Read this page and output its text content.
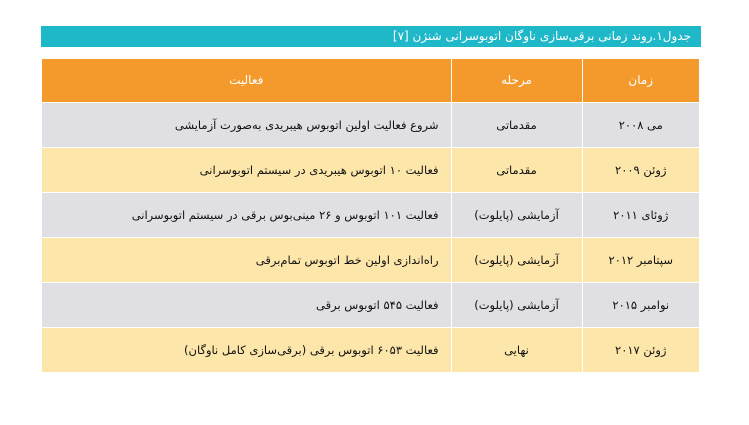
جدول۱.روند زمانی برقی‌سازی ناوگان اتوبوسرانی شنژن [۷]
زمان	مرحله	فعالیت
می ۲۰۰۸	مقدماتی	شروع فعالیت اولین اتوبوس هیبریدی به‌صورت آزمایشی
ژوئن ۲۰۰۹	مقدماتی	فعالیت ۱۰ اتوبوس هیبریدی در سیستم اتوبوسرانی
ژوئای ۲۰۱۱	آزمایشی (پایلوت)	فعالیت ۱۰۱ اتوبوس و ۲۶ مینی‌بوس برقی در سیستم اتوبوسرانی
سپتامبر ۲۰۱۲	آزمایشی (پایلوت)	راه‌اندازی اولین خط اتوبوس تمام‌برقی
نوامبر ۲۰۱۵	آزمایشی (پایلوت)	فعالیت ۵۴۵ اتوبوس برقی
ژوئن ۲۰۱۷	نهایی	فعالیت ۶۰۵۳ اتوبوس برقی (برقی‌سازی کامل ناوگان)
